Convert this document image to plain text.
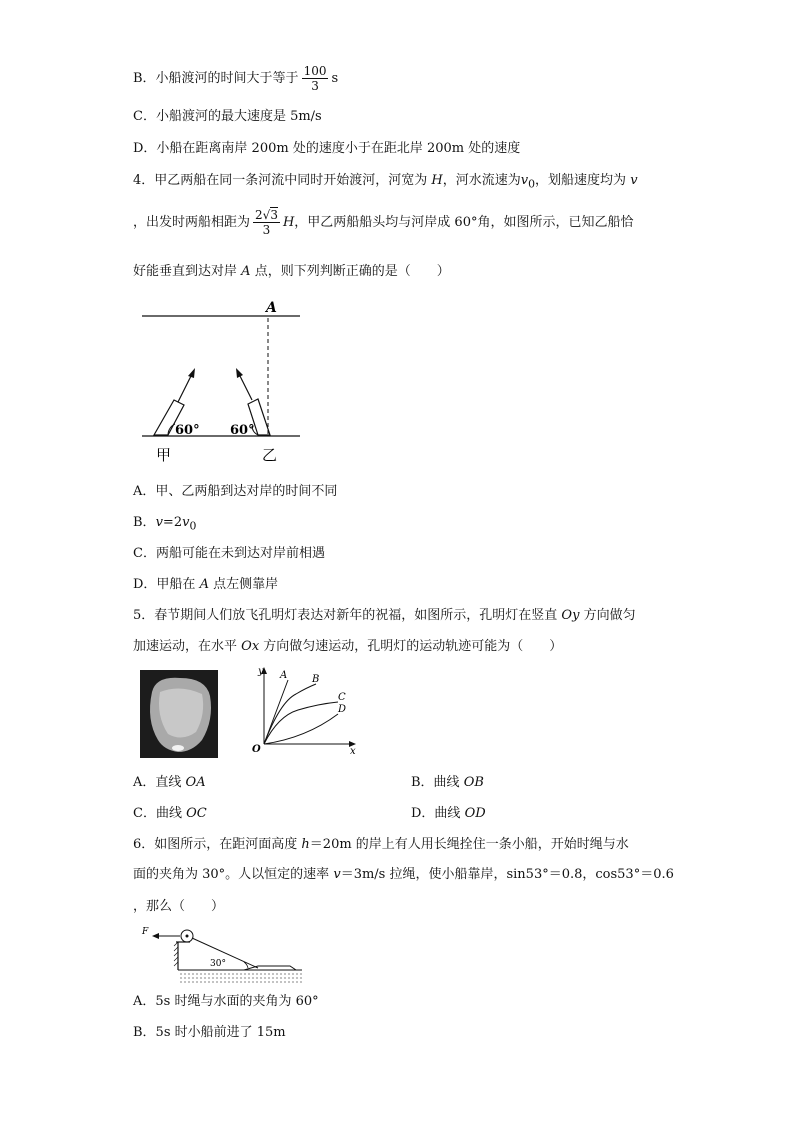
B．小船渡河的时间大于等于 $\frac{100}{3}$ s
C．小船渡河的最大速度是 5m/s
D．小船在距离南岸 200m 处的速度小于在距北岸 200m 处的速度
4．甲乙两船在同一条河流中同时开始渡河，河宽为 H，河水流速为$v_0$，划船速度均为 v
，出发时两船相距为 $\frac{2√3}{3}$ H，甲乙两船船头均与河岸成 60°角，如图所示，已知乙船恰
好能垂直到达对岸 A 点，则下列判断正确的是（　　）
A
60° 60°
甲	乙
A．甲、乙两船到达对岸的时间不同
B．$v=2v_0$
C．两船可能在未到达对岸前相遇
D．甲船在 A 点左侧靠岸
5．春节期间人们放飞孔明灯表达对新年的祝福，如图所示，孔明灯在竖直 Oy 方向做匀
加速运动，在水平 Ox 方向做匀速运动，孔明灯的运动轨迹可能为（　　）
y
x
O
A B
C
D
A．直线 OA	B．曲线 OB
C．曲线 OC	D．曲线 OD
6．如图所示，在距河面高度 h＝20m 的岸上有人用长绳拴住一条小船，开始时绳与水
面的夹角为 30°。人以恒定的速率 v＝3m/s 拉绳，使小船靠岸，sin53°＝0.8，cos53°＝0.6
，那么（　　）
F
30°
A．5s 时绳与水面的夹角为 60°
B．5s 时小船前进了 15m
